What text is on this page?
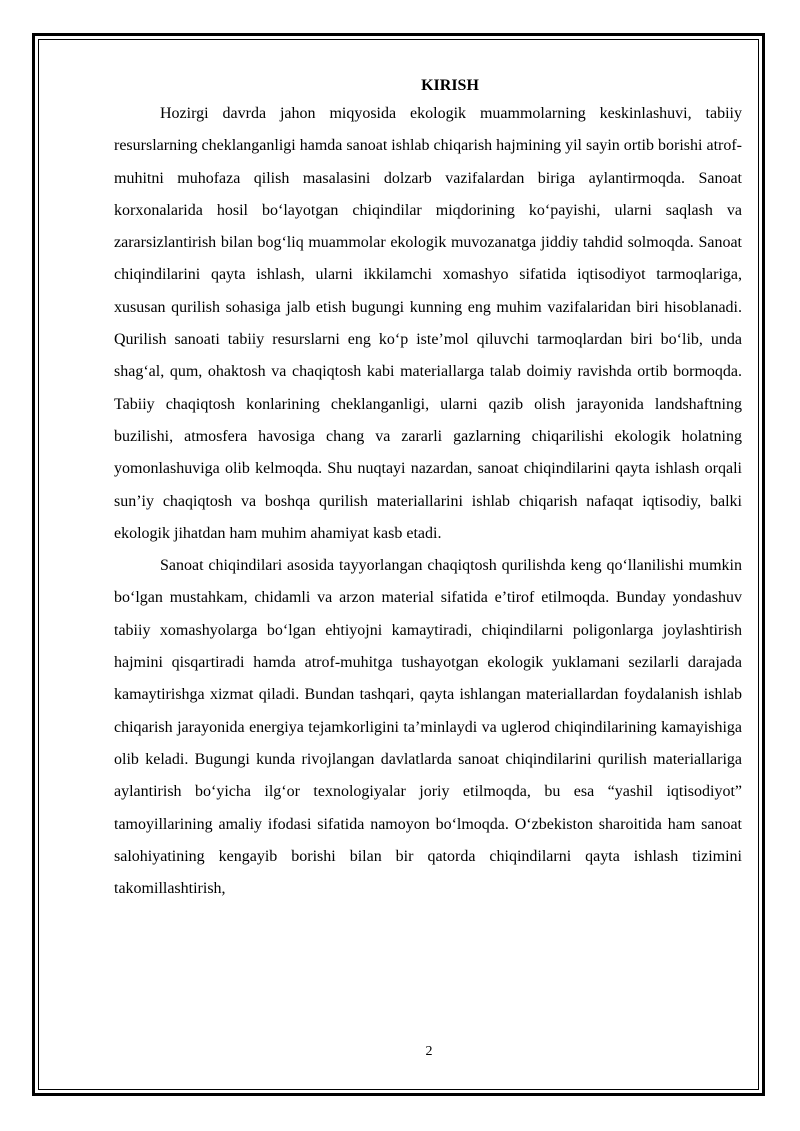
KIRISH

Hozirgi davrda jahon miqyosida ekologik muammolarning keskinlashuvi, tabiiy resurslarning cheklanganligi hamda sanoat ishlab chiqarish hajmining yil sayin ortib borishi atrof-muhitni muhofaza qilish masalasini dolzarb vazifalardan biriga aylantirmoqda. Sanoat korxonalarida hosil bo‘layotgan chiqindilar miqdorining ko‘payishi, ularni saqlash va zararsizlantirish bilan bog‘liq muammolar ekologik muvozanatga jiddiy tahdid solmoqda. Sanoat chiqindilarini qayta ishlash, ularni ikkilamchi xomashyo sifatida iqtisodiyot tarmoqlariga, xususan qurilish sohasiga jalb etish bugungi kunning eng muhim vazifalaridan biri hisoblanadi. Qurilish sanoati tabiiy resurslarni eng ko‘p iste’mol qiluvchi tarmoqlardan biri bo‘lib, unda shag‘al, qum, ohaktosh va chaqiqtosh kabi materiallarga talab doimiy ravishda ortib bormoqda. Tabiiy chaqiqtosh konlarining cheklanganligi, ularni qazib olish jarayonida landshaftning buzilishi, atmosfera havosiga chang va zararli gazlarning chiqarilishi ekologik holatning yomonlashuviga olib kelmoqda. Shu nuqtayi nazardan, sanoat chiqindilarini qayta ishlash orqali sun’iy chaqiqtosh va boshqa qurilish materiallarini ishlab chiqarish nafaqat iqtisodiy, balki ekologik jihatdan ham muhim ahamiyat kasb etadi.

Sanoat chiqindilari asosida tayyorlangan chaqiqtosh qurilishda keng qo‘llanilishi mumkin bo‘lgan mustahkam, chidamli va arzon material sifatida e’tirof etilmoqda. Bunday yondashuv tabiiy xomashyolarga bo‘lgan ehtiyojni kamaytiradi, chiqindilarni poligonlarga joylashtirish hajmini qisqartiradi hamda atrof-muhitga tushayotgan ekologik yuklamani sezilarli darajada kamaytirishga xizmat qiladi. Bundan tashqari, qayta ishlangan materiallardan foydalanish ishlab chiqarish jarayonida energiya tejamkorligini ta’minlaydi va uglerod chiqindilarining kamayishiga olib keladi. Bugungi kunda rivojlangan davlatlarda sanoat chiqindilarini qurilish materiallariga aylantirish bo‘yicha ilg‘or texnologiyalar joriy etilmoqda, bu esa “yashil iqtisodiyot” tamoyillarining amaliy ifodasi sifatida namoyon bo‘lmoqda. O‘zbekiston sharoitida ham sanoat salohiyatining kengayib borishi bilan bir qatorda chiqindilarni qayta ishlash tizimini takomillashtirish,

2
